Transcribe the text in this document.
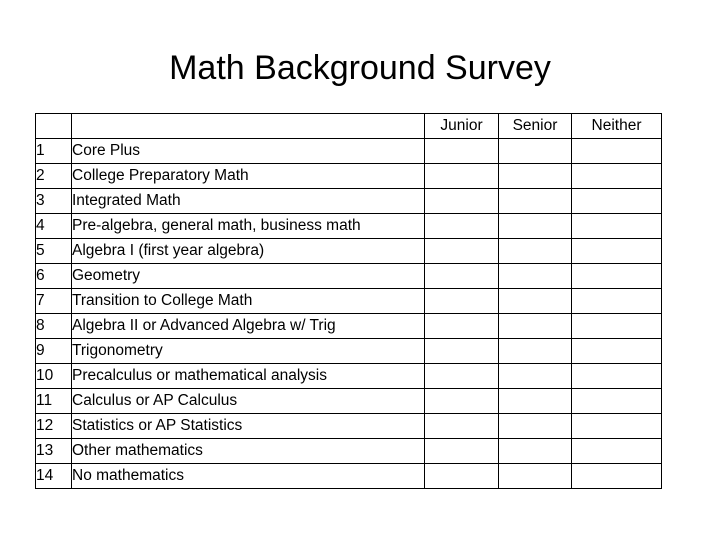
Math Background Survey
		Junior	Senior	Neither
1	Core Plus			
2	College Preparatory Math			
3	Integrated Math			
4	Pre-algebra, general math, business math			
5	Algebra I (first year algebra)			
6	Geometry			
7	Transition to College Math			
8	Algebra II or Advanced Algebra w/ Trig			
9	Trigonometry			
10	Precalculus or mathematical analysis			
11	Calculus or AP Calculus			
12	Statistics or AP Statistics			
13	Other mathematics			
14	No mathematics			
